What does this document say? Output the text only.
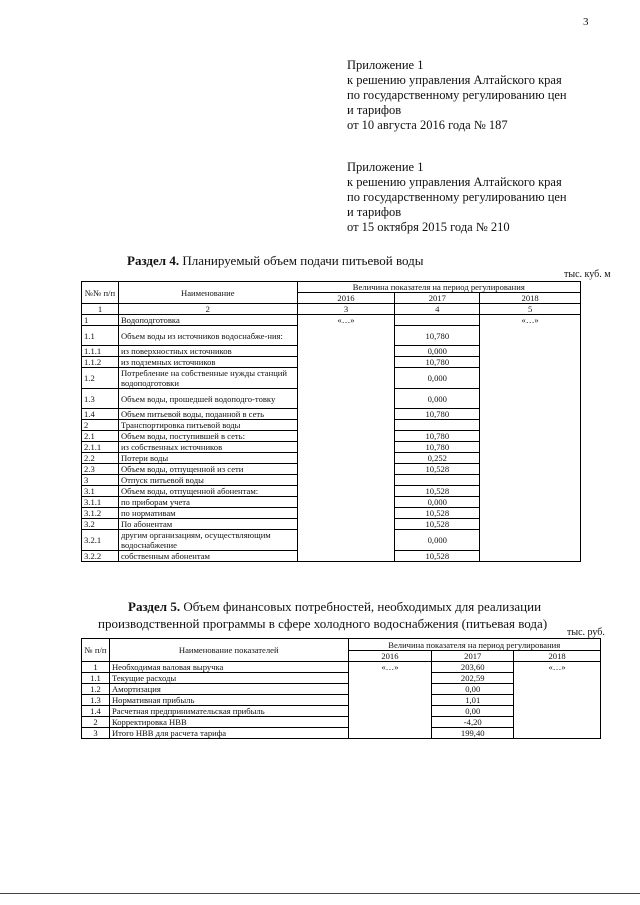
3
Приложение 1
к решению управления Алтайского края
по государственному регулированию цен
и тарифов
от 10 августа 2016 года № 187
Приложение 1
к решению управления Алтайского края
по государственному регулированию цен
и тарифов
от 15 октября 2015 года № 210
Раздел 4. Планируемый объем подачи питьевой воды
тыс. куб. м
№№ п/п	Наименование	Величина показателя на период регулирования		
		2016	2017	2018
1	2	3	4	5
1	Водоподготовка	«…»		«…»
1.1	Объем воды из источников водоснабже-ния:		10,780	
1.1.1	из поверхностных источников		0,000	
1.1.2	из подземных источников		10,780	
1.2	Потребление на собственные нужды станций водоподготовки		0,000	
1.3	Объем воды, прошедшей водоподго-товку		0,000	
1.4	Объем питьевой воды, поданной в сеть		10,780	
2	Транспортировка питьевой воды			
2.1	Объем воды, поступившей в сеть:		10,780	
2.1.1	из собственных источников		10,780	
2.2	Потери воды		0,252	
2.3	Объем воды, отпущенной из сети		10,528	
3	Отпуск питьевой воды			
3.1	Объем воды, отпущенной абонентам:		10,528	
3.1.1	по приборам учета		0,000	
3.1.2	по нормативам		10,528	
3.2	По абонентам		10,528	
3.2.1	другим организациям, осуществляющим водоснабжение		0,000	
3.2.2	собственным абонентам		10,528	
Раздел 5. Объем финансовых потребностей, необходимых для реализации производственной программы в сфере холодного водоснабжения (питьевая вода)
тыс. руб.
№ п/п	Наименование показателей	Величина показателя на период регулирования		
		2016	2017	2018
1	Необходимая валовая выручка	«…»	203,60	«…»
1.1	Текущие расходы		202,59	
1.2	Амортизация		0,00	
1.3	Нормативная прибыль		1,01	
1.4	Расчетная предпринимательская прибыль		0,00	
2	Корректировка НВВ		-4,20	
3	Итого НВВ для расчета тарифа		199,40	
